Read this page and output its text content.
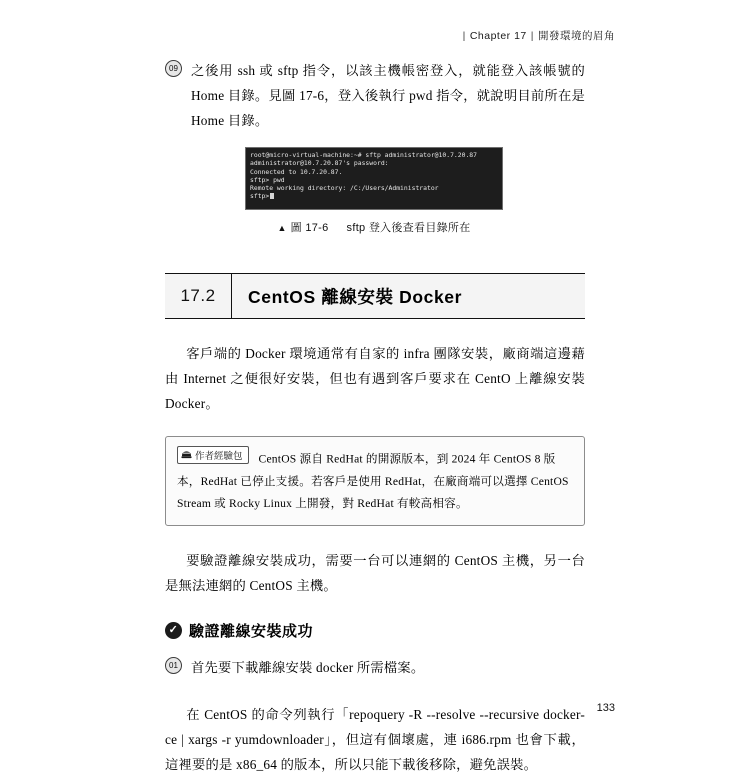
| Chapter 17 | 開發環境的眉角
09 之後用 ssh 或 sftp 指令，以該主機帳密登入，就能登入該帳號的 Home 目錄。見圖 17-6，登入後執行 pwd 指令，就說明目前所在是 Home 目錄。

root@micro-virtual-machine:~# sftp administrator@10.7.20.87
administrator@10.7.20.87's password:
Connected to 10.7.20.87.
sftp> pwd
Remote working directory: /C:/Users/Administrator
sftp>
▲ 圖 17-6 sftp 登入後查看目錄所在
17.2	CentOS 離線安裝 Docker

客戶端的 Docker 環境通常有自家的 infra 團隊安裝，廠商端這邊藉由 Internet 之便很好安裝，但也有遇到客戶要求在 CentO 上離線安裝 Docker。

作者經驗包 CentOS 源自 RedHat 的開源版本，到 2024 年 CentOS 8 版本，RedHat 已停止支援。若客戶是使用 RedHat，在廠商端可以選擇 CentOS Stream 或 Rocky Linux 上開發，對 RedHat 有較高相容。

要驗證離線安裝成功，需要一台可以連網的 CentOS 主機，另一台是無法連網的 CentOS 主機。

✓ 驗證離線安裝成功
01 首先要下載離線安裝 docker 所需檔案。

在 CentOS 的命令列執行「repoquery -R --resolve --recursive docker-ce | xargs -r yumdownloader」，但這有個壞處，連 i686.rpm 也會下載，這裡要的是 x86_64 的版本，所以只能下載後移除，避免誤裝。

133
